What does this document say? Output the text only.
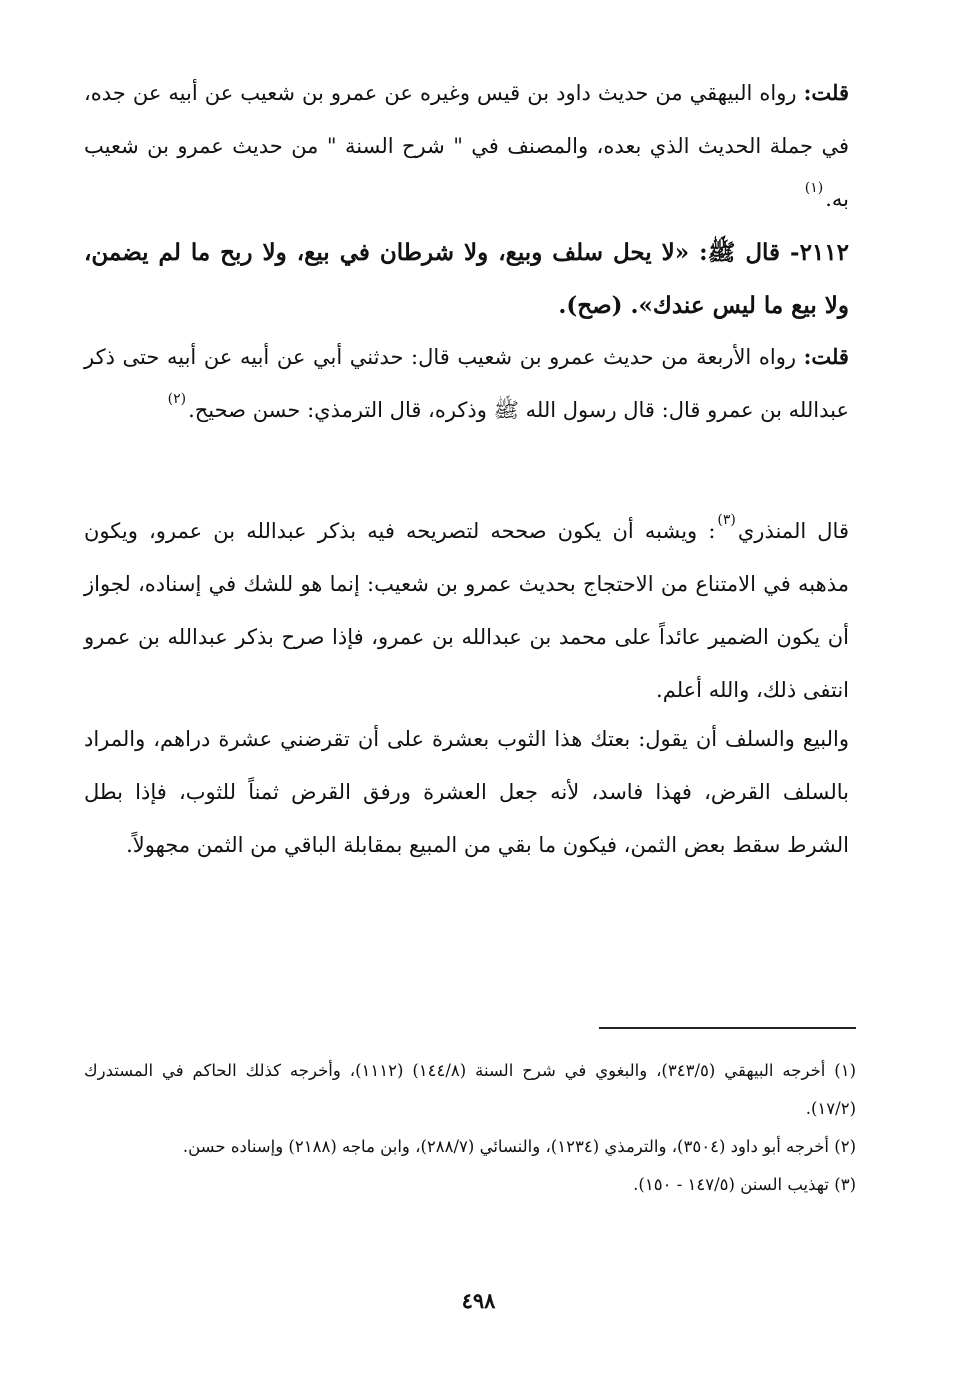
قلت: رواه البيهقي من حديث داود بن قيس وغيره عن عمرو بن شعيب عن أبيه عن جده، في جملة الحديث الذي بعده، والمصنف في " شرح السنة " من حديث عمرو بن شعيب به.$^{(١)}$

٢١١٢- قال ﷺ: «لا يحل سلف وبيع، ولا شرطان في بيع، ولا ربح ما لم يضمن، ولا بيع ما ليس عندك». (صح).

قلت: رواه الأربعة من حديث عمرو بن شعيب قال: حدثني أبي عن أبيه عن أبيه حتى ذكر عبدالله بن عمرو قال: قال رسول الله ﷺ وذكره، قال الترمذي: حسن صحيح.$^{(٢)}$

قال المنذري$^{(٣)}$: ويشبه أن يكون صححه لتصريحه فيه بذكر عبدالله بن عمرو، ويكون مذهبه في الامتناع من الاحتجاج بحديث عمرو بن شعيب: إنما هو للشك في إسناده، لجواز أن يكون الضمير عائداً على محمد بن عبدالله بن عمرو، فإذا صرح بذكر عبدالله بن عمرو انتفى ذلك، والله أعلم.

والبيع والسلف أن يقول: بعتك هذا الثوب بعشرة على أن تقرضني عشرة دراهم، والمراد بالسلف القرض، فهذا فاسد، لأنه جعل العشرة ورفق القرض ثمناً للثوب، فإذا بطل الشرط سقط بعض الثمن، فيكون ما بقي من المبيع بمقابلة الباقي من الثمن مجهولاً.

(١) أخرجه البيهقي (٣٤٣/٥)، والبغوي في شرح السنة (١٤٤/٨) (١١١٢)، وأخرجه كذلك الحاكم في المستدرك (١٧/٢).

(٢) أخرجه أبو داود (٣٥٠٤)، والترمذي (١٢٣٤)، والنسائي (٢٨٨/٧)، وابن ماجه (٢١٨٨) وإسناده حسن.

(٣) تهذيب السنن (١٤٧/٥ - ١٥٠).

٤٩٨
